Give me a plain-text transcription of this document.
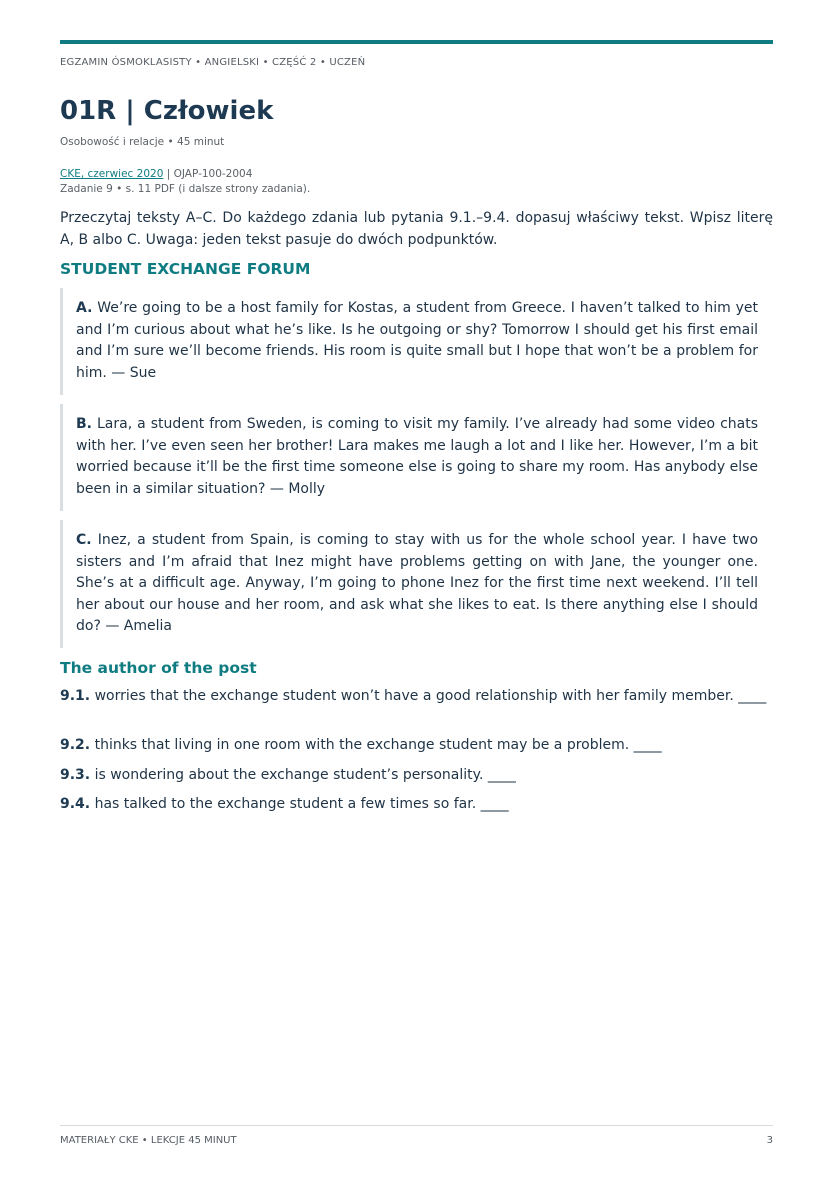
EGZAMIN ÓSMOKLASISTY • ANGIELSKI • CZĘŚĆ 2 • UCZEŃ
01R | Człowiek
Osobowość i relacje • 45 minut
CKE, czerwiec 2020 | OJAP-100-2004
Zadanie 9 • s. 11 PDF (i dalsze strony zadania).

Przeczytaj teksty A–C. Do każdego zdania lub pytania 9.1.–9.4. dopasuj właściwy tekst. Wpisz literę A, B albo C. Uwaga: jeden tekst pasuje do dwóch podpunktów.

STUDENT EXCHANGE FORUM
A. We’re going to be a host family for Kostas, a student from Greece. I haven’t talked to him yet and I’m curious about what he’s like. Is he outgoing or shy? Tomorrow I should get his first email and I’m sure we’ll become friends. His room is quite small but I hope that won’t be a problem for him. — Sue
B. Lara, a student from Sweden, is coming to visit my family. I’ve already had some video chats with her. I’ve even seen her brother! Lara makes me laugh a lot and I like her. However, I’m a bit worried because it’ll be the first time someone else is going to share my room. Has anybody else been in a similar situation? — Molly
C. Inez, a student from Spain, is coming to stay with us for the whole school year. I have two sisters and I’m afraid that Inez might have problems getting on with Jane, the younger one. She’s at a difficult age. Anyway, I’m going to phone Inez for the first time next weekend. I’ll tell her about our house and her room, and ask what she likes to eat. Is there anything else I should do? — Amelia
The author of the post
9.1. worries that the exchange student won’t have a good relationship with her family member. ____
9.2. thinks that living in one room with the exchange student may be a problem. ____
9.3. is wondering about the exchange student’s personality. ____
9.4. has talked to the exchange student a few times so far. ____
MATERIAŁY CKE • LEKCJE 45 MINUT	3
